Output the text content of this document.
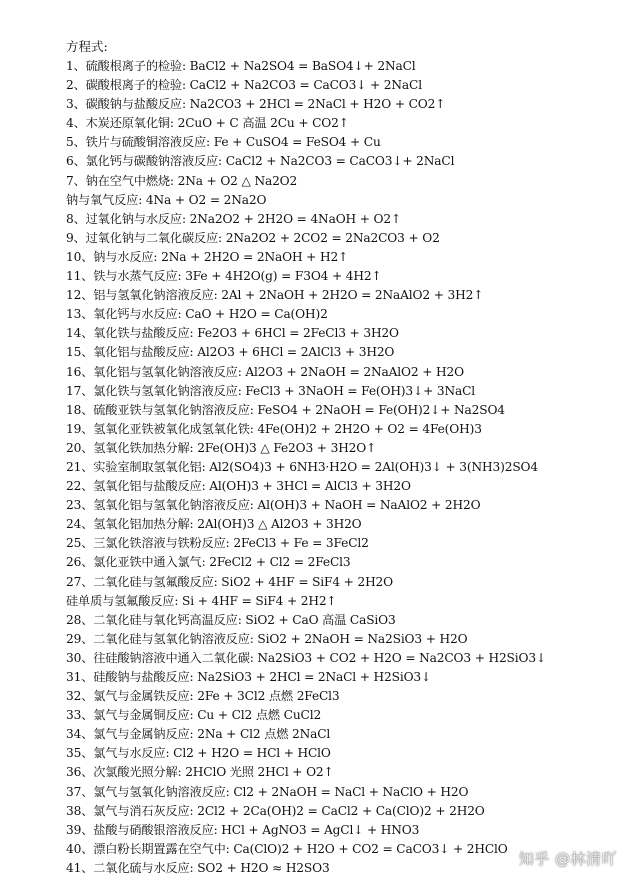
方程式:
1、硫酸根离子的检验: BaCl2 + Na2SO4 = BaSO4↓+ 2NaCl
2、碳酸根离子的检验: CaCl2 + Na2CO3 = CaCO3↓ + 2NaCl
3、碳酸钠与盐酸反应: Na2CO3 + 2HCl = 2NaCl + H2O + CO2↑
4、木炭还原氧化铜: 2CuO + C 高温 2Cu + CO2↑
5、铁片与硫酸铜溶液反应: Fe + CuSO4 = FeSO4 + Cu
6、氯化钙与碳酸钠溶液反应: CaCl2 + Na2CO3 = CaCO3↓+ 2NaCl
7、钠在空气中燃烧: 2Na + O2 △ Na2O2
钠与氧气反应: 4Na + O2 = 2Na2O
8、过氧化钠与水反应: 2Na2O2 + 2H2O = 4NaOH + O2↑
9、过氧化钠与二氧化碳反应: 2Na2O2 + 2CO2 = 2Na2CO3 + O2
10、钠与水反应: 2Na + 2H2O = 2NaOH + H2↑
11、铁与水蒸气反应: 3Fe + 4H2O(g) = F3O4 + 4H2↑
12、铝与氢氧化钠溶液反应: 2Al + 2NaOH + 2H2O = 2NaAlO2 + 3H2↑
13、氧化钙与水反应: CaO + H2O = Ca(OH)2
14、氧化铁与盐酸反应: Fe2O3 + 6HCl = 2FeCl3 + 3H2O
15、氧化铝与盐酸反应: Al2O3 + 6HCl = 2AlCl3 + 3H2O
16、氧化铝与氢氧化钠溶液反应: Al2O3 + 2NaOH = 2NaAlO2 + H2O
17、氯化铁与氢氧化钠溶液反应: FeCl3 + 3NaOH = Fe(OH)3↓+ 3NaCl
18、硫酸亚铁与氢氧化钠溶液反应: FeSO4 + 2NaOH = Fe(OH)2↓+ Na2SO4
19、氢氧化亚铁被氧化成氢氧化铁: 4Fe(OH)2 + 2H2O + O2 = 4Fe(OH)3
20、氢氧化铁加热分解: 2Fe(OH)3 △ Fe2O3 + 3H2O↑
21、实验室制取氢氧化铝: Al2(SO4)3 + 6NH3·H2O = 2Al(OH)3↓ + 3(NH3)2SO4
22、氢氧化铝与盐酸反应: Al(OH)3 + 3HCl = AlCl3 + 3H2O
23、氢氧化铝与氢氧化钠溶液反应: Al(OH)3 + NaOH = NaAlO2 + 2H2O
24、氢氧化铝加热分解: 2Al(OH)3 △ Al2O3 + 3H2O
25、三氯化铁溶液与铁粉反应: 2FeCl3 + Fe = 3FeCl2
26、氯化亚铁中通入氯气: 2FeCl2 + Cl2 = 2FeCl3
27、二氧化硅与氢氟酸反应: SiO2 + 4HF = SiF4 + 2H2O
硅单质与氢氟酸反应: Si + 4HF = SiF4 + 2H2↑
28、二氧化硅与氧化钙高温反应: SiO2 + CaO 高温 CaSiO3
29、二氧化硅与氢氧化钠溶液反应: SiO2 + 2NaOH = Na2SiO3 + H2O
30、往硅酸钠溶液中通入二氧化碳: Na2SiO3 + CO2 + H2O = Na2CO3 + H2SiO3↓
31、硅酸钠与盐酸反应: Na2SiO3 + 2HCl = 2NaCl + H2SiO3↓
32、氯气与金属铁反应: 2Fe + 3Cl2 点燃 2FeCl3
33、氯气与金属铜反应: Cu + Cl2 点燃 CuCl2
34、氯气与金属钠反应: 2Na + Cl2 点燃 2NaCl
35、氯气与水反应: Cl2 + H2O = HCl + HClO
36、次氯酸光照分解: 2HClO 光照 2HCl + O2↑
37、氯气与氢氧化钠溶液反应: Cl2 + 2NaOH = NaCl + NaClO + H2O
38、氯气与消石灰反应: 2Cl2 + 2Ca(OH)2 = CaCl2 + Ca(ClO)2 + 2H2O
39、盐酸与硝酸银溶液反应: HCl + AgNO3 = AgCl↓ + HNO3
40、漂白粉长期置露在空气中: Ca(ClO)2 + H2O + CO2 = CaCO3↓ + 2HClO
41、二氧化硫与水反应: SO2 + H2O ≈ H2SO3	知乎 @林清吖
